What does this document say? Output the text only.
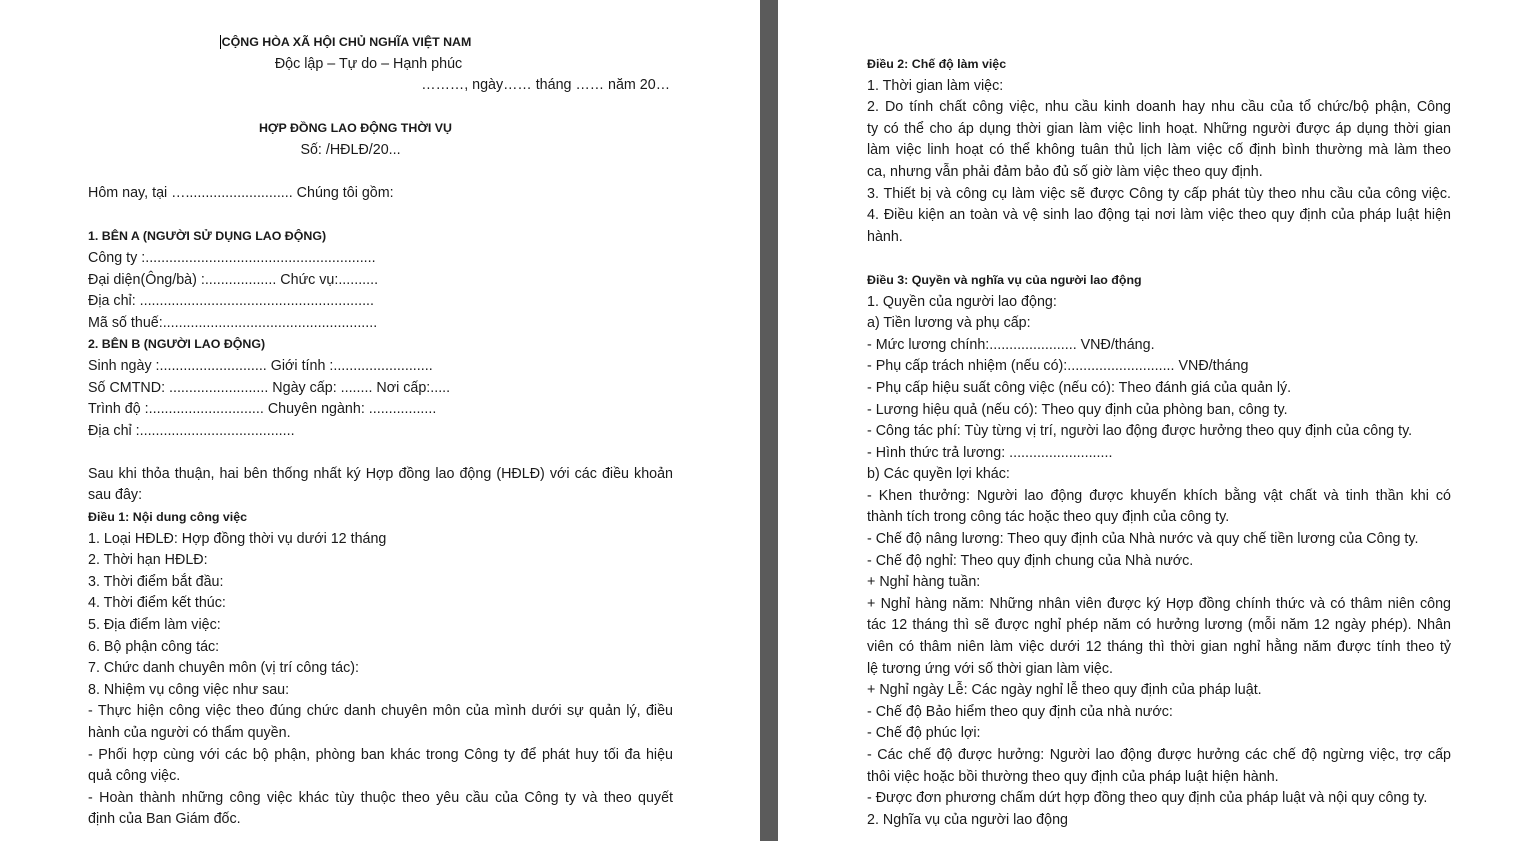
CỘNG HÒA XÃ HỘI CHỦ NGHĨA VIỆT NAM
Độc lập – Tự do – Hạnh phúc
………, ngày…… tháng …… năm 20…
HỢP ĐỒNG LAO ĐỘNG THỜI VỤ
Số: /HĐLĐ/20...
Hôm nay, tại …........................... Chúng tôi gồm:
1. BÊN A (NGƯỜI SỬ DỤNG LAO ĐỘNG)
Công ty :..........................................................
Đại diện(Ông/bà) :.................. Chức vụ:..........
Địa chỉ: ...........................................................
Mã số thuế:......................................................
2. BÊN B (NGƯỜI LAO ĐỘNG)
Sinh ngày :........................... Giới tính :.........................
Số CMTND: ......................... Ngày cấp: ........ Nơi cấp:.....
Trình độ :............................. Chuyên ngành: .................
Địa chỉ :.......................................
Sau khi thỏa thuận, hai bên thống nhất ký Hợp đồng lao động (HĐLĐ) với các điều khoản
sau đây:
Điều 1: Nội dung công việc
1. Loại HĐLĐ: Hợp đồng thời vụ dưới 12 tháng
2. Thời hạn HĐLĐ:
3. Thời điểm bắt đầu:
4. Thời điểm kết thúc:
5. Địa điểm làm việc:
6. Bộ phận công tác:
7. Chức danh chuyên môn (vị trí công tác):
8. Nhiệm vụ công việc như sau:
- Thực hiện công việc theo đúng chức danh chuyên môn của mình dưới sự quản lý, điều
hành của người có thẩm quyền.
- Phối hợp cùng với các bộ phận, phòng ban khác trong Công ty để phát huy tối đa hiệu
quả công việc.
- Hoàn thành những công việc khác tùy thuộc theo yêu cầu của Công ty và theo quyết
định của Ban Giám đốc.
Điều 2: Chế độ làm việc
1. Thời gian làm việc:
2. Do tính chất công việc, nhu cầu kinh doanh hay nhu cầu của tổ chức/bộ phận, Công
ty có thể cho áp dụng thời gian làm việc linh hoạt. Những người được áp dụng thời gian
làm việc linh hoạt có thể không tuân thủ lịch làm việc cố định bình thường mà làm theo
ca, nhưng vẫn phải đảm bảo đủ số giờ làm việc theo quy định.
3. Thiết bị và công cụ làm việc sẽ được Công ty cấp phát tùy theo nhu cầu của công việc.
4. Điều kiện an toàn và vệ sinh lao động tại nơi làm việc theo quy định của pháp luật hiện
hành.
Điều 3: Quyền và nghĩa vụ của người lao động
1. Quyền của người lao động:
a) Tiền lương và phụ cấp:
- Mức lương chính:...................... VNĐ/tháng.
- Phụ cấp trách nhiệm (nếu có):........................... VNĐ/tháng
- Phụ cấp hiệu suất công việc (nếu có): Theo đánh giá của quản lý.
- Lương hiệu quả (nếu có): Theo quy định của phòng ban, công ty.
- Công tác phí: Tùy từng vị trí, người lao động được hưởng theo quy định của công ty.
- Hình thức trả lương: ..........................
b) Các quyền lợi khác:
- Khen thưởng: Người lao động được khuyến khích bằng vật chất và tinh thần khi có
thành tích trong công tác hoặc theo quy định của công ty.
- Chế độ nâng lương: Theo quy định của Nhà nước và quy chế tiền lương của Công ty.
- Chế độ nghỉ: Theo quy định chung của Nhà nước.
+ Nghỉ hàng tuần:
+ Nghỉ hàng năm: Những nhân viên được ký Hợp đồng chính thức và có thâm niên công
tác 12 tháng thì sẽ được nghỉ phép năm có hưởng lương (mỗi năm 12 ngày phép). Nhân
viên có thâm niên làm việc dưới 12 tháng thì thời gian nghỉ hằng năm được tính theo tỷ
lệ tương ứng với số thời gian làm việc.
+ Nghỉ ngày Lễ: Các ngày nghỉ lễ theo quy định của pháp luật.
- Chế độ Bảo hiểm theo quy định của nhà nước:
- Chế độ phúc lợi:
- Các chế độ được hưởng: Người lao động được hưởng các chế độ ngừng việc, trợ cấp
thôi việc hoặc bồi thường theo quy định của pháp luật hiện hành.
- Được đơn phương chấm dứt hợp đồng theo quy định của pháp luật và nội quy công ty.
2. Nghĩa vụ của người lao động
